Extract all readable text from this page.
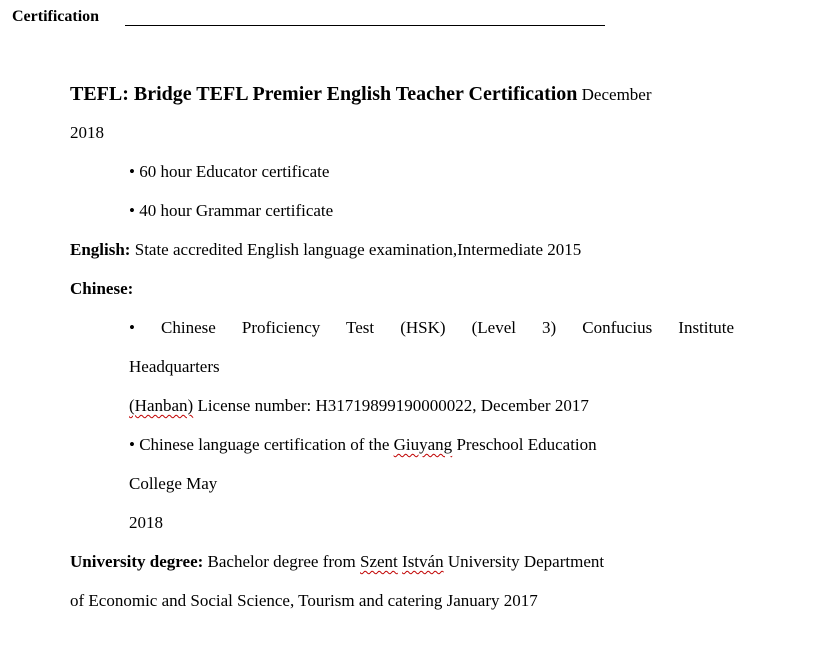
Certification
TEFL: Bridge TEFL Premier English Teacher Certification December
2018
• 60 hour Educator certificate
• 40 hour Grammar certificate
English: State accredited English language examination,Intermediate 2015
Chinese:
• Chinese Proficiency Test (HSK) (Level 3) Confucius Institute
Headquarters
(Hanban) License number: H31719899190000022, December 2017
• Chinese language certification of the Giuyang Preschool Education
College May
2018
University degree: Bachelor degree from Szent István University Department
of Economic and Social Science, Tourism and catering January 2017
